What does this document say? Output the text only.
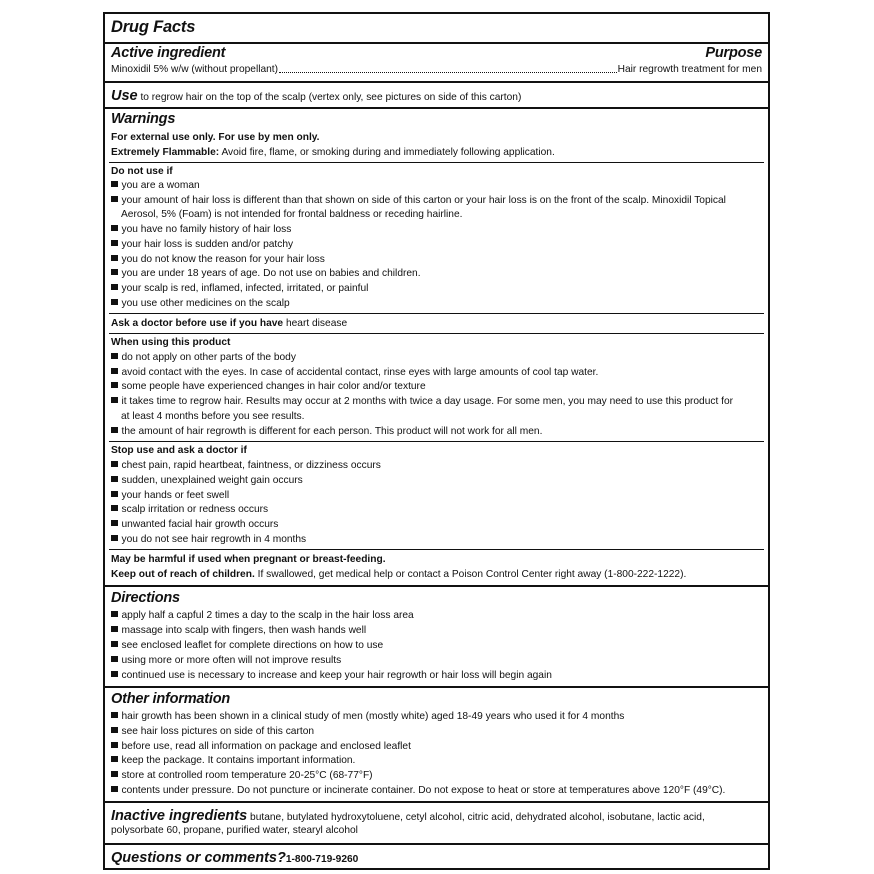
Drug Facts
Active ingredient	Purpose
Minoxidil 5% w/w (without propellant)	Hair regrowth treatment for men
Use to regrow hair on the top of the scalp (vertex only, see pictures on side of this carton)
Warnings
For external use only. For use by men only.
Extremely Flammable: Avoid fire, flame, or smoking during and immediately following application.
Do not use if
you are a woman
your amount of hair loss is different than that shown on side of this carton or your hair loss is on the front of the scalp. Minoxidil Topical
Aerosol, 5% (Foam) is not intended for frontal baldness or receding hairline.
you have no family history of hair loss
your hair loss is sudden and/or patchy
you do not know the reason for your hair loss
you are under 18 years of age. Do not use on babies and children.
your scalp is red, inflamed, infected, irritated, or painful
you use other medicines on the scalp
Ask a doctor before use if you have heart disease
When using this product
do not apply on other parts of the body
avoid contact with the eyes. In case of accidental contact, rinse eyes with large amounts of cool tap water.
some people have experienced changes in hair color and/or texture
it takes time to regrow hair. Results may occur at 2 months with twice a day usage. For some men, you may need to use this product for
at least 4 months before you see results.
the amount of hair regrowth is different for each person. This product will not work for all men.
Stop use and ask a doctor if
chest pain, rapid heartbeat, faintness, or dizziness occurs
sudden, unexplained weight gain occurs
your hands or feet swell
scalp irritation or redness occurs
unwanted facial hair growth occurs
you do not see hair regrowth in 4 months
May be harmful if used when pregnant or breast-feeding.
Keep out of reach of children. If swallowed, get medical help or contact a Poison Control Center right away (1-800-222-1222).
Directions
apply half a capful 2 times a day to the scalp in the hair loss area
massage into scalp with fingers, then wash hands well
see enclosed leaflet for complete directions on how to use
using more or more often will not improve results
continued use is necessary to increase and keep your hair regrowth or hair loss will begin again
Other information
hair growth has been shown in a clinical study of men (mostly white) aged 18-49 years who used it for 4 months
see hair loss pictures on side of this carton
before use, read all information on package and enclosed leaflet
keep the package. It contains important information.
store at controlled room temperature 20-25°C (68-77°F)
contents under pressure. Do not puncture or incinerate container. Do not expose to heat or store at temperatures above 120°F (49°C).
Inactive ingredients butane, butylated hydroxytoluene, cetyl alcohol, citric acid, dehydrated alcohol, isobutane, lactic acid,
polysorbate 60, propane, purified water, stearyl alcohol
Questions or comments?1-800-719-9260
